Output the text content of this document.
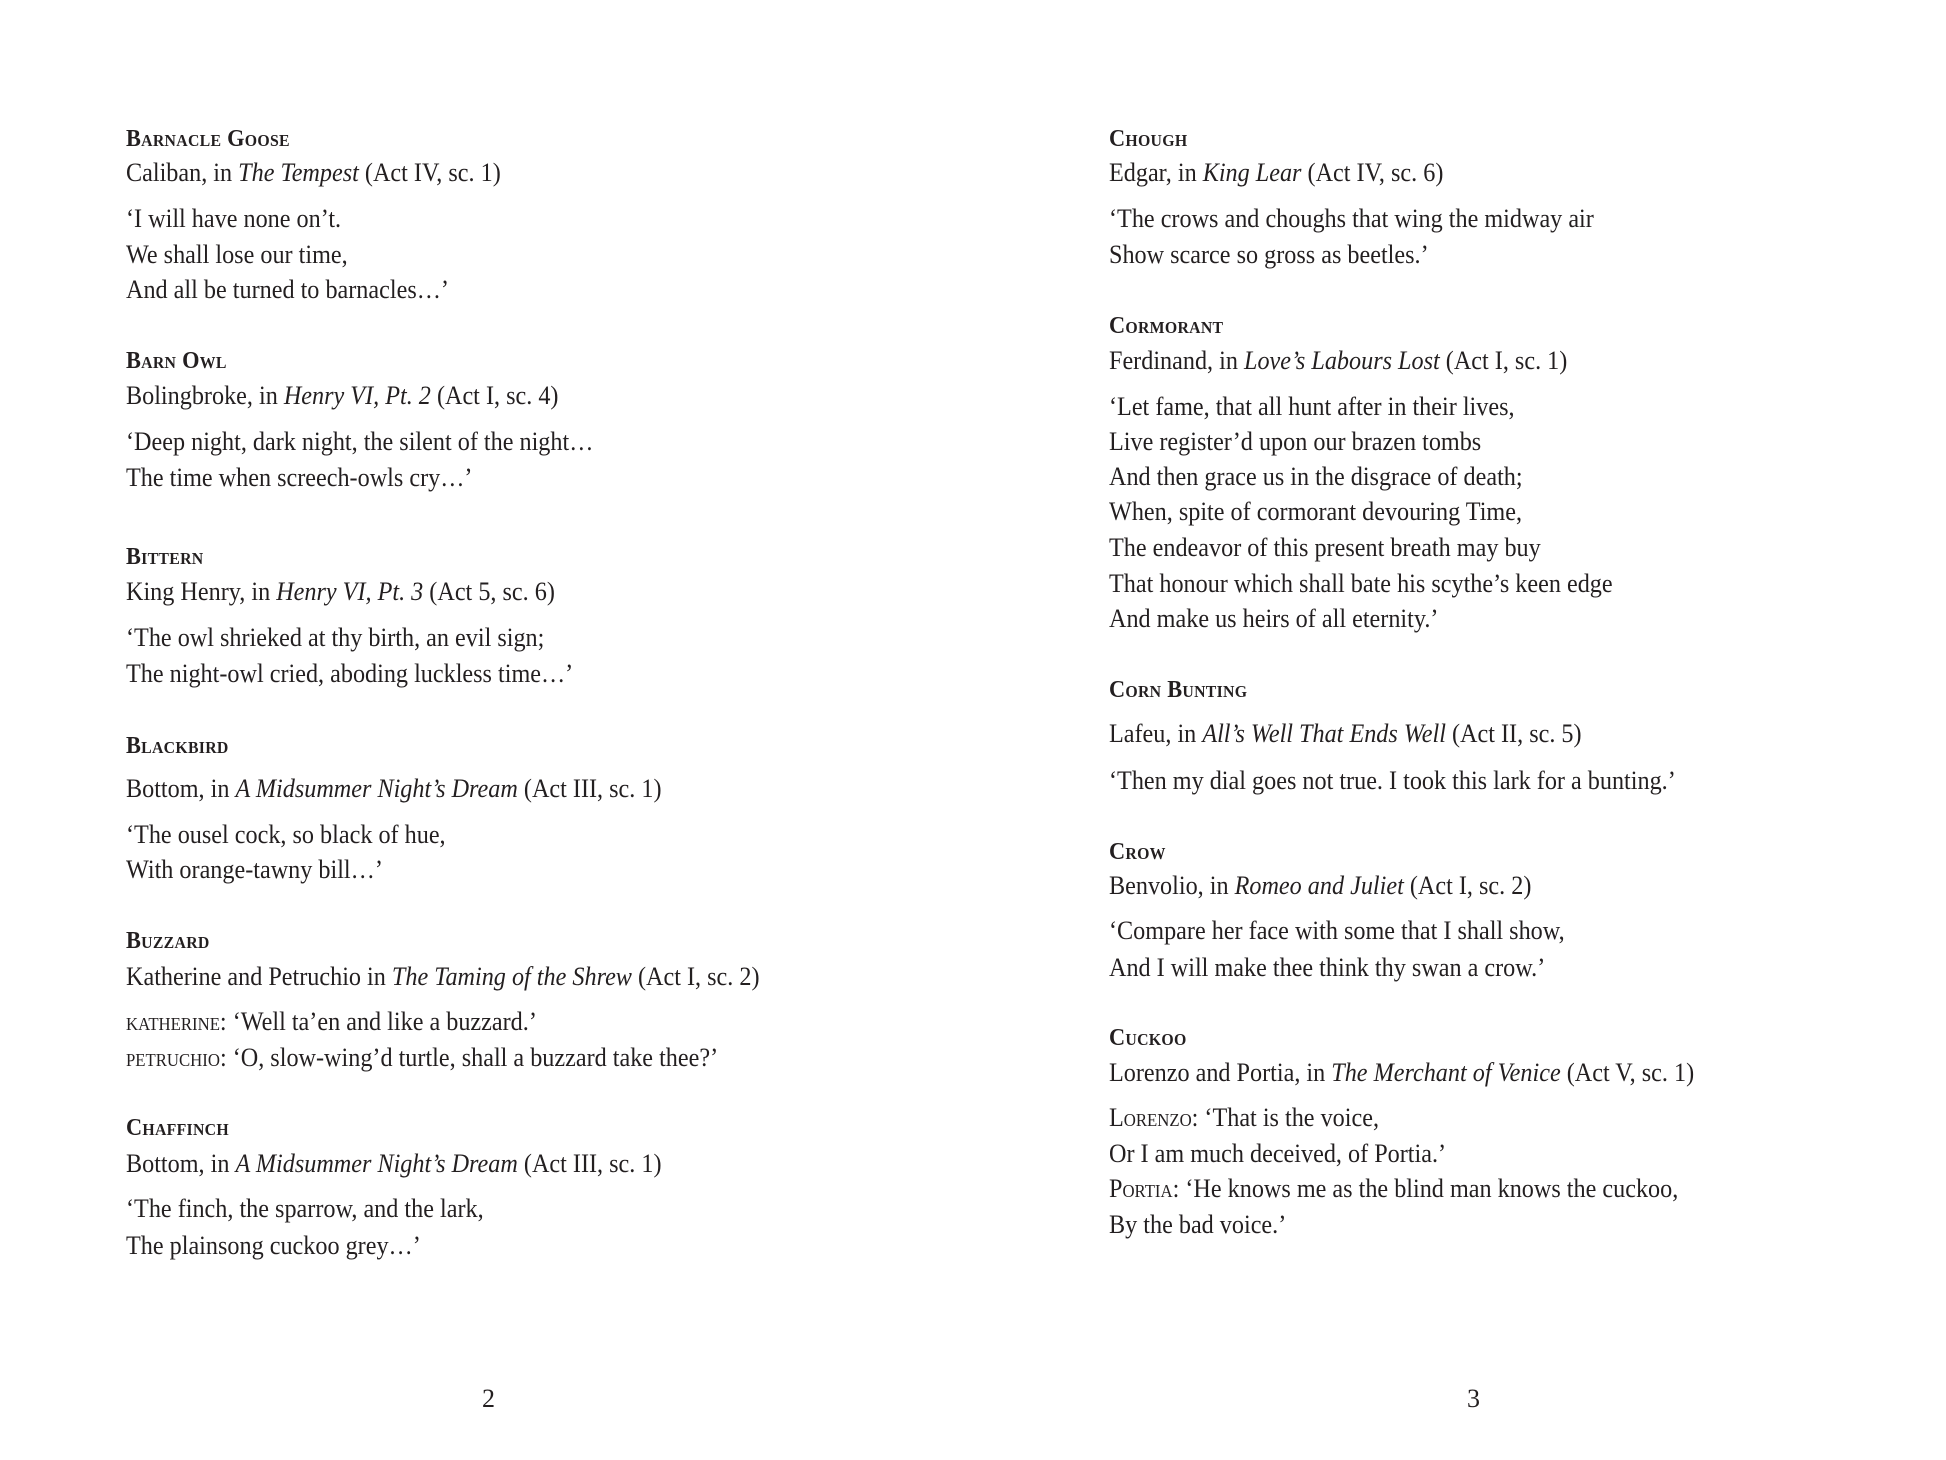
Barnacle Goose
Caliban, in The Tempest (Act IV, sc. 1)
‘I will have none on’t.
We shall lose our time,
And all be turned to barnacles…’
Barn Owl
Bolingbroke, in Henry VI, Pt. 2 (Act I, sc. 4)
‘Deep night, dark night, the silent of the night…
The time when screech-owls cry…’
Bittern
King Henry, in Henry VI, Pt. 3 (Act 5, sc. 6)
‘The owl shrieked at thy birth, an evil sign;
The night-owl cried, aboding luckless time…’
Blackbird
Bottom, in A Midsummer Night’s Dream (Act III, sc. 1)
‘The ousel cock, so black of hue,
With orange-tawny bill…’
Buzzard
Katherine and Petruchio in The Taming of the Shrew (Act I, sc. 2)
katherine: ‘Well ta’en and like a buzzard.’
petruchio: ‘O, slow-wing’d turtle, shall a buzzard take thee?’
Chaffinch
Bottom, in A Midsummer Night’s Dream (Act III, sc. 1)
‘The finch, the sparrow, and the lark,
The plainsong cuckoo grey…’
2
Chough
Edgar, in King Lear (Act IV, sc. 6)
‘The crows and choughs that wing the midway air
Show scarce so gross as beetles.’
Cormorant
Ferdinand, in Love’s Labours Lost (Act I, sc. 1)
‘Let fame, that all hunt after in their lives,
Live register’d upon our brazen tombs
And then grace us in the disgrace of death;
When, spite of cormorant devouring Time,
The endeavor of this present breath may buy
That honour which shall bate his scythe’s keen edge
And make us heirs of all eternity.’
Corn Bunting
Lafeu, in All’s Well That Ends Well (Act II, sc. 5)
‘Then my dial goes not true. I took this lark for a bunting.’
Crow
Benvolio, in Romeo and Juliet (Act I, sc. 2)
‘Compare her face with some that I shall show,
And I will make thee think thy swan a crow.’
Cuckoo
Lorenzo and Portia, in The Merchant of Venice (Act V, sc. 1)
Lorenzo: ‘That is the voice,
Or I am much deceived, of Portia.’
Portia: ‘He knows me as the blind man knows the cuckoo,
By the bad voice.’
3
